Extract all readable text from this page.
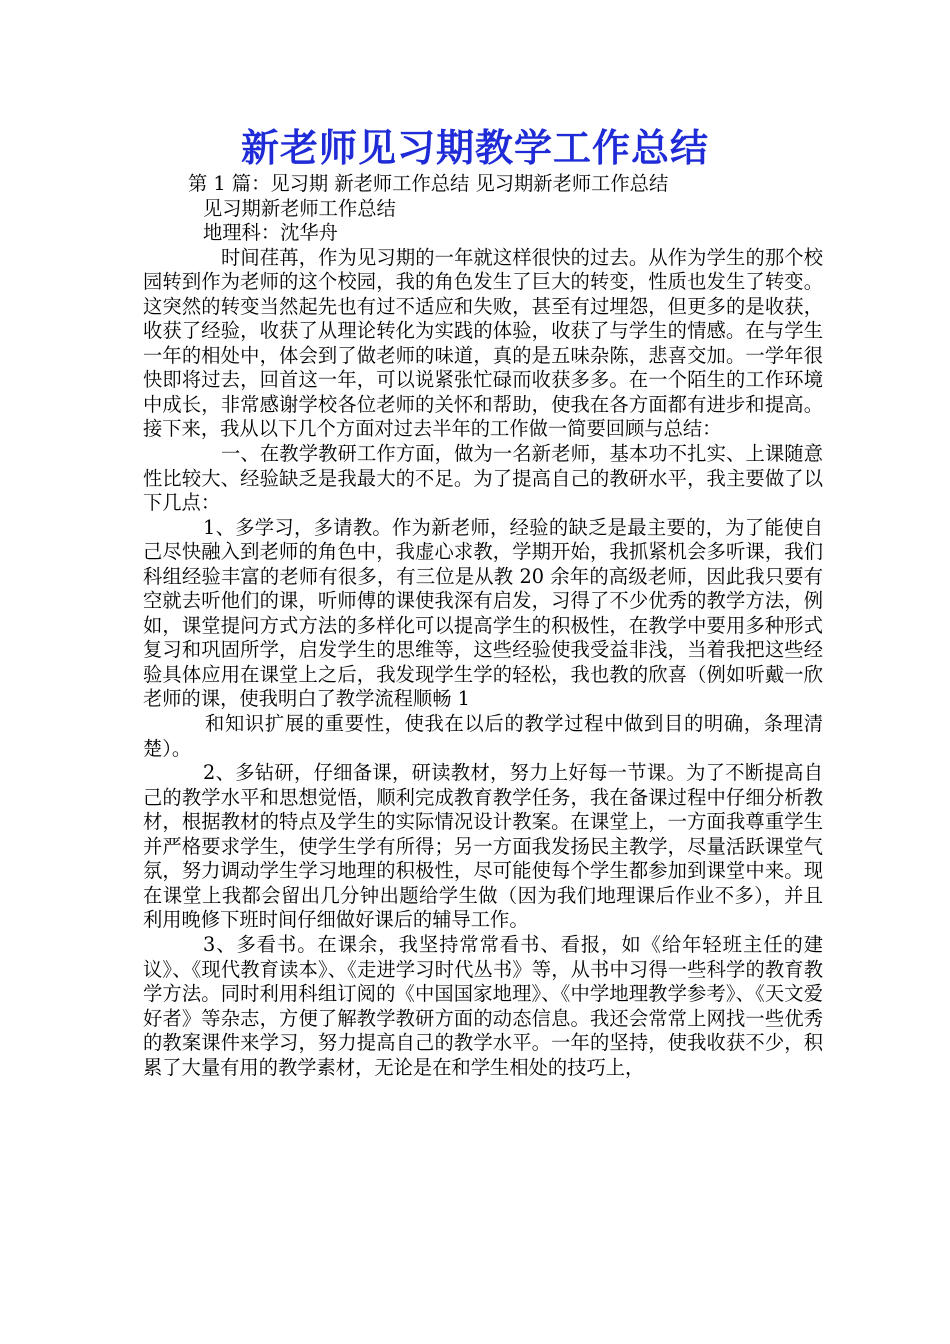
新老师见习期教学工作总结

第 1 篇：见习期 新老师工作总结 见习期新老师工作总结

见习期新老师工作总结

地理科：沈华舟

时间荏苒，作为见习期的一年就这样很快的过去。从作为学生的那个校园转到作为老师的这个校园，我的角色发生了巨大的转变，性质也发生了转变。这突然的转变当然起先也有过不适应和失败，甚至有过埋怨，但更多的是收获，收获了经验，收获了从理论转化为实践的体验，收获了与学生的情感。在与学生一年的相处中，体会到了做老师的味道，真的是五味杂陈，悲喜交加。一学年很快即将过去，回首这一年，可以说紧张忙碌而收获多多。在一个陌生的工作环境中成长，非常感谢学校各位老师的关怀和帮助，使我在各方面都有进步和提高。 接下来，我从以下几个方面对过去半年的工作做一简要回顾与总结：

一、在教学教研工作方面，做为一名新老师，基本功不扎实、上课随意性比较大、经验缺乏是我最大的不足。为了提高自己的教研水平，我主要做了以下几点：

1、多学习，多请教。作为新老师，经验的缺乏是最主要的，为了能使自己尽快融入到老师的角色中，我虚心求教，学期开始，我抓紧机会多听课，我们科组经验丰富的老师有很多，有三位是从教 20 余年的高级老师，因此我只要有空就去听他们的课，听师傅的课使我深有启发，习得了不少优秀的教学方法，例如，课堂提问方式方法的多样化可以提高学生的积极性，在教学中要用多种形式复习和巩固所学，启发学生的思维等，这些经验使我受益非浅，当着我把这些经验具体应用在课堂上之后，我发现学生学的轻松，我也教的欣喜（例如听戴一欣老师的课，使我明白了教学流程顺畅 1

和知识扩展的重要性，使我在以后的教学过程中做到目的明确，条理清楚）。

2、多钻研，仔细备课，研读教材，努力上好每一节课。为了不断提高自己的教学水平和思想觉悟，顺利完成教育教学任务，我在备课过程中仔细分析教材，根据教材的特点及学生的实际情况设计教案。在课堂上，一方面我尊重学生并严格要求学生，使学生学有所得；另一方面我发扬民主教学，尽量活跃课堂气氛，努力调动学生学习地理的积极性，尽可能使每个学生都参加到课堂中来。现在课堂上我都会留出几分钟出题给学生做（因为我们地理课后作业不多），并且利用晚修下班时间仔细做好课后的辅导工作。

3、多看书。在课余，我坚持常常看书、看报，如《给年轻班主任的建议》、《现代教育读本》、《走进学习时代丛书》等，从书中习得一些科学的教育教学方法。同时利用科组订阅的《中国国家地理》、《中学地理教学参考》、《天文爱好者》等杂志，方便了解教学教研方面的动态信息。我还会常常上网找一些优秀的教案课件来学习，努力提高自己的教学水平。一年的坚持，使我收获不少，积累了大量有用的教学素材，无论是在和学生相处的技巧上，
